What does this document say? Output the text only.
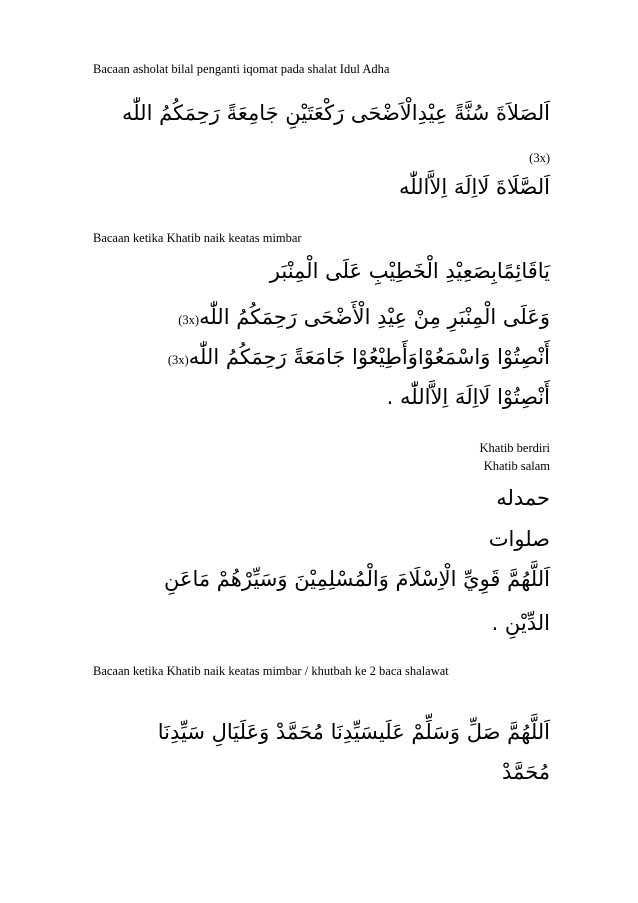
Bacaan asholat bilal penganti iqomat pada shalat Idul Adha
اَلصَلاَةَ سُنَّةً عِيْدِالْاَضْحَى رَكْعَتَيْنِ جَامِعَةً رَحِمَكُمُ اللّٰه
(3x)
اَلصَّلَاةَ لَااِلَهَ اِلاَّاللّٰه
Bacaan ketika Khatib naik keatas mimbar
يَاقَائِمًابِصَعِيْدِ الْخَطِيْبِ عَلَى الْمِنْبَر
وَعَلَى الْمِنْبَرِ مِنْ عِيْدِ الْأَضْحَى رَحِمَكُمُ اللّٰه(3x)
أَنْصِتُوْا وَاسْمَعُوْاوَأَطِيْعُوْا جَامَعَةً رَحِمَكُمُ اللّٰه(3x)
أَنْصِتُوْا لَااِلَهَ اِلاَّاللّٰه .
Khatib berdiri
Khatib salam
حمدله
صلوات
اَللَّهُمَّ قَوِيِّ الْاِسْلَامَ وَالْمُسْلِمِيْنَ وَسَيِّرْهُمْ مَاعَنِ
الدِّيْنِ .
Bacaan ketika Khatib naik keatas mimbar / khutbah ke 2 baca shalawat
اَللَّهُمَّ صَلِّ وَسَلِّمْ عَلَيسَيِّدِنَا مُحَمَّدْ وَعَلَيَالِ سَيِّدِنَا
مُحَمَّدْ
